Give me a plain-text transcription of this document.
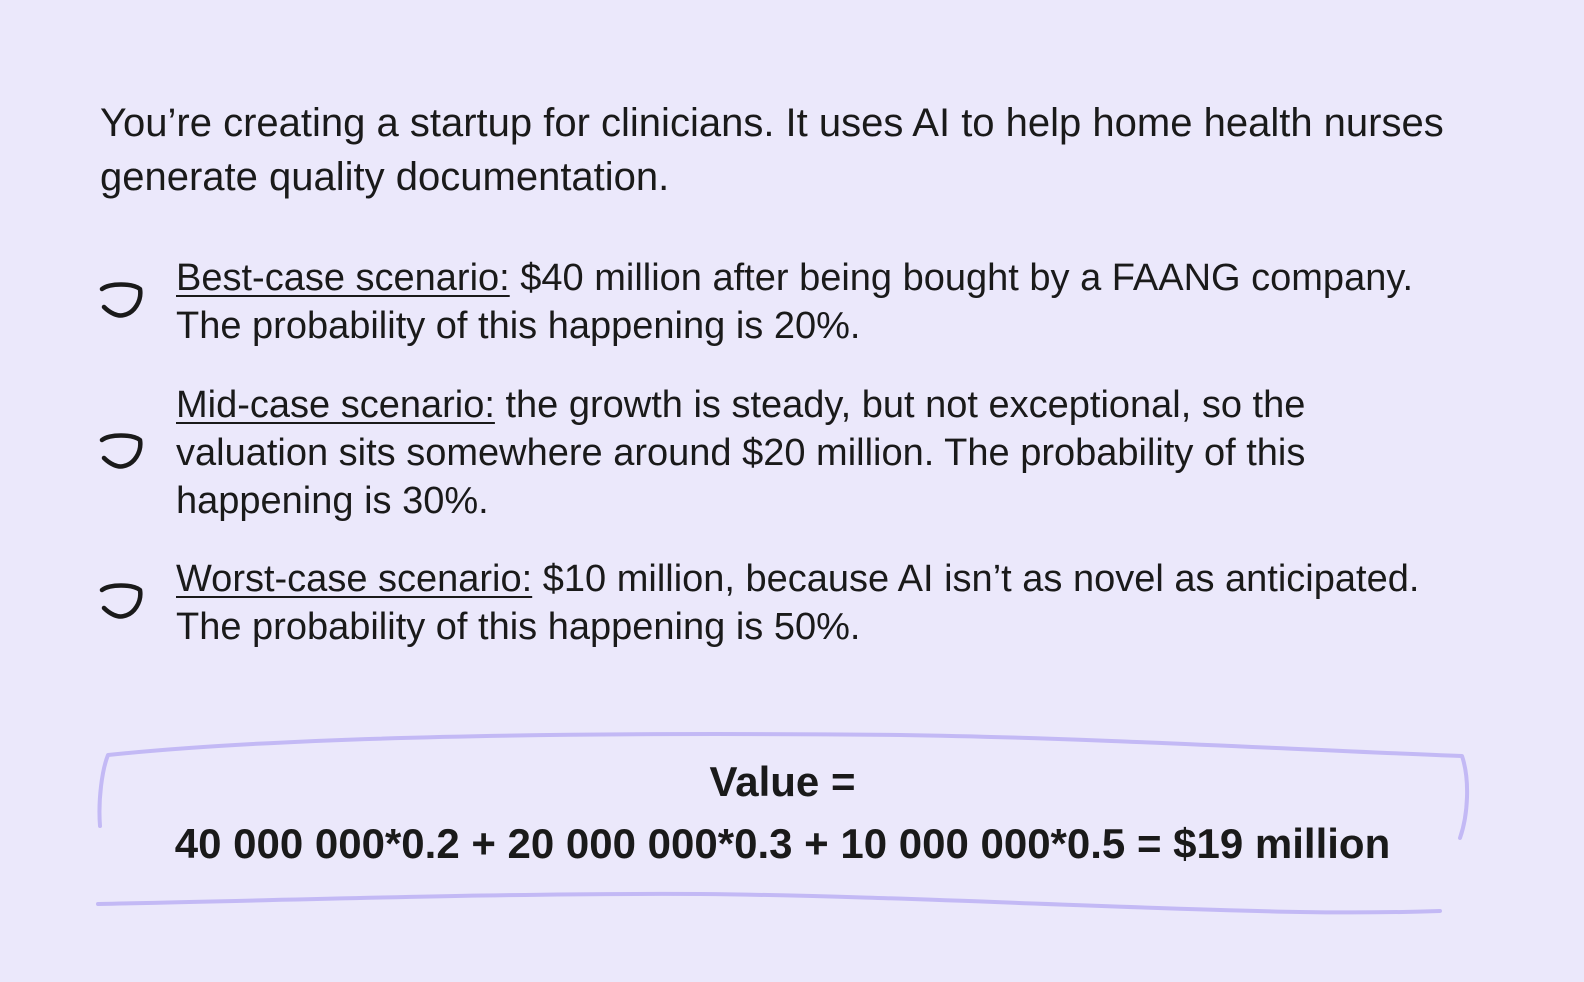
You’re creating a startup for clinicians. It uses AI to help home health nurses generate quality documentation.

Best-case scenario: $40 million after being bought by a FAANG company. The probability of this happening is 20%.
Mid-case scenario: the growth is steady, but not exceptional, so the valuation sits somewhere around $20 million. The probability of this happening is 30%.
Worst-case scenario: $10 million, because AI isn’t as novel as anticipated. The probability of this happening is 50%.
Value =
40 000 000*0.2 + 20 000 000*0.3 + 10 000 000*0.5 = $19 million
